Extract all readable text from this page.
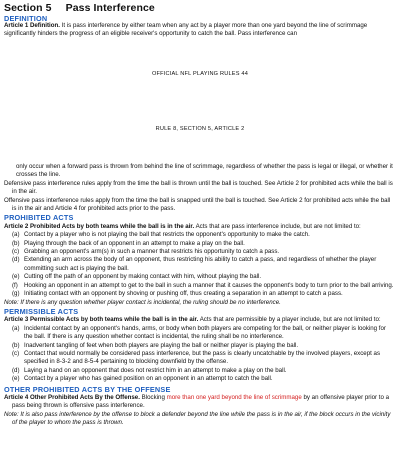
Section 5 Pass Interference
DEFINITION
Article 1 Definition. It is pass interference by either team when any act by a player more than one yard beyond the line of scrimmage significantly hinders the progress of an eligible receiver's opportunity to catch the ball. Pass interference can
OFFICIAL NFL PLAYING RULES 44
RULE 8, SECTION 5, ARTICLE 2
only occur when a forward pass is thrown from behind the line of scrimmage, regardless of whether the pass is legal or illegal, or whether it crosses the line.
Defensive pass interference rules apply from the time the ball is thrown until the ball is touched. See Article 2 for prohibited acts while the ball is in the air.
Offensive pass interference rules apply from the time the ball is snapped until the ball is touched. See Article 2 for prohibited acts while the ball is in the air and Article 4 for prohibited acts prior to the pass.
PROHIBITED ACTS
Article 2 Prohibited Acts by both teams while the ball is in the air. Acts that are pass interference include, but are not limited to:
(a) Contact by a player who is not playing the ball that restricts the opponent's opportunity to make the catch.
(b) Playing through the back of an opponent in an attempt to make a play on the ball.
(c) Grabbing an opponent's arm(s) in such a manner that restricts his opportunity to catch a pass.
(d) Extending an arm across the body of an opponent, thus restricting his ability to catch a pass, and regardless of whether the player committing such act is playing the ball.
(e) Cutting off the path of an opponent by making contact with him, without playing the ball.
(f)	Hooking an opponent in an attempt to get to the ball in such a manner that it causes the opponent's body to turn prior to the ball arriving.
(g) Initiating contact with an opponent by shoving or pushing off, thus creating a separation in an attempt to catch a pass.
Note: If there is any question whether player contact is incidental, the ruling should be no interference.
PERMISSIBLE ACTS
Article 3 Permissible Acts by both teams while the ball is in the air. Acts that are permissible by a player include, but are not limited to:
(a) Incidental contact by an opponent's hands, arms, or body when both players are competing for the ball, or neither player is looking for the ball. If there is any question whether contact is incidental, the ruling shall be no interference.
(b) Inadvertent tangling of feet when both players are playing the ball or neither player is playing the ball.
(c) Contact that would normally be considered pass interference, but the pass is clearly uncatchable by the involved players, except as specified in 8-3-2 and 8-5-4 pertaining to blocking downfield by the offense.
(d) Laying a hand on an opponent that does not restrict him in an attempt to make a play on the ball.
(e) Contact by a player who has gained position on an opponent in an attempt to catch the ball.
OTHER PROHIBITED ACTS BY THE OFFENSE
Article 4 Other Prohibited Acts By the Offense. Blocking more than one yard beyond the line of scrimmage by an offensive player prior to a pass being thrown is offensive pass interference.
Note: It is also pass interference by the offense to block a defender beyond the line while the pass is in the air, if the block occurs in the vicinity of the player to whom the pass is thrown.
